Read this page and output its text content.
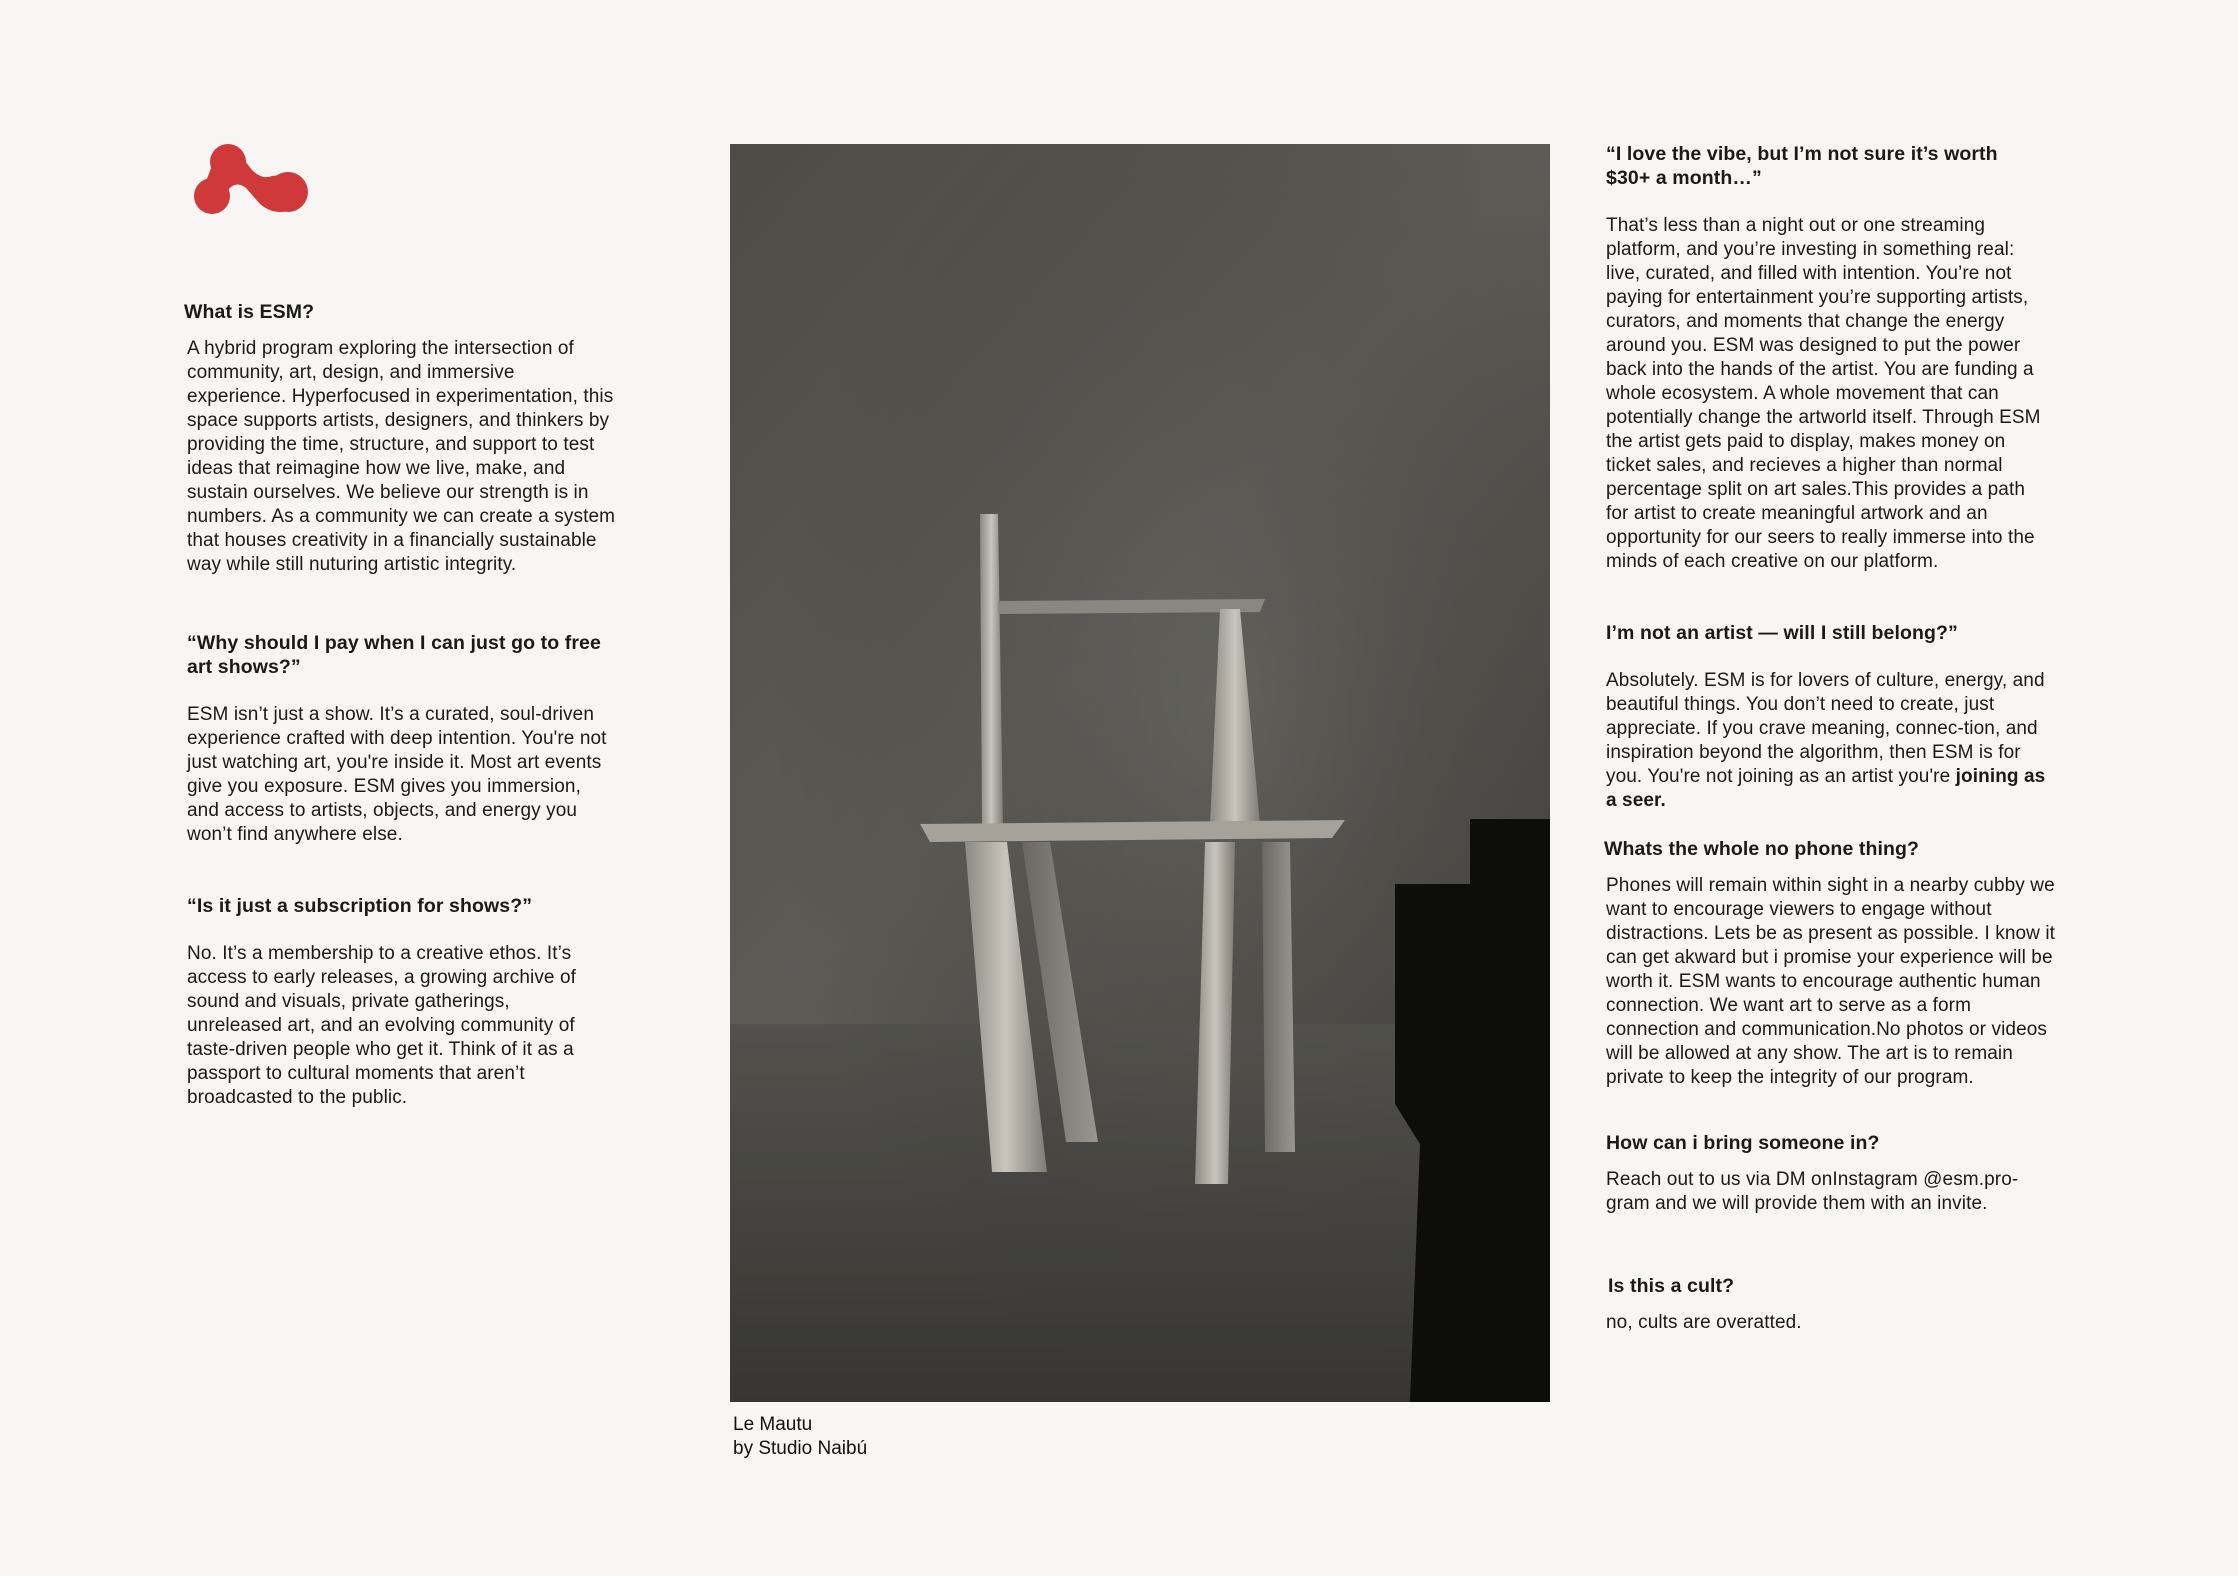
What is ESM?

A hybrid program exploring the intersection of community, art, design, and immersive experience. Hyperfocused in experimentation, this space supports artists, designers, and thinkers by providing the time, structure, and support to test ideas that reimagine how we live, make, and sustain ourselves. We believe our strength is in numbers. As a community we can create a system that houses creativity in a financially sustainable way while still nuturing artistic integrity.

“Why should I pay when I can just go to free art shows?”

ESM isn’t just a show. It’s a curated, soul-driven experience crafted with deep intention. You're not just watching art, you're inside it. Most art events give you exposure. ESM gives you immersion, and access to artists, objects, and energy you won’t find anywhere else.

“Is it just a subscription for shows?”

No. It’s a membership to a creative ethos. It’s access to early releases, a growing archive of sound and visuals, private gatherings, unreleased art, and an evolving community of taste-driven people who get it. Think of it as a passport to cultural moments that aren’t broadcasted to the public.

Le Mautu
by Studio Naibú

“I love the vibe, but I’m not sure it’s worth $30+ a month…”

That’s less than a night out or one streaming platform, and you’re investing in something real: live, curated, and filled with intention. You’re not paying for entertainment you’re supporting artists, curators, and moments that change the energy around you. ESM was designed to put the power back into the hands of the artist. You are funding a whole ecosystem. A whole movement that can potentially change the artworld itself. Through ESM the artist gets paid to display, makes money on ticket sales, and recieves a higher than normal percentage split on art sales.This provides a path for artist to create meaningful artwork and an opportunity for our seers to really immerse into the minds of each creative on our platform.

I’m not an artist — will I still belong?”

Absolutely. ESM is for lovers of culture, energy, and beautiful things. You don’t need to create, just appreciate. If you crave meaning, connec-tion, and inspiration beyond the algorithm, then ESM is for you. You're not joining as an artist you're joining as a seer.

Whats the whole no phone thing?

Phones will remain within sight in a nearby cubby we want to encourage viewers to engage without distractions. Lets be as present as possible. I know it can get akward but i promise your experience will be worth it. ESM wants to encourage authentic human connection. We want art to serve as a form connection and communication.No photos or videos will be allowed at any show. The art is to remain private to keep the integrity of our program.

How can i bring someone in?

Reach out to us via DM onInstagram @esm.pro-gram and we will provide them with an invite.

Is this a cult?

no, cults are overatted.
